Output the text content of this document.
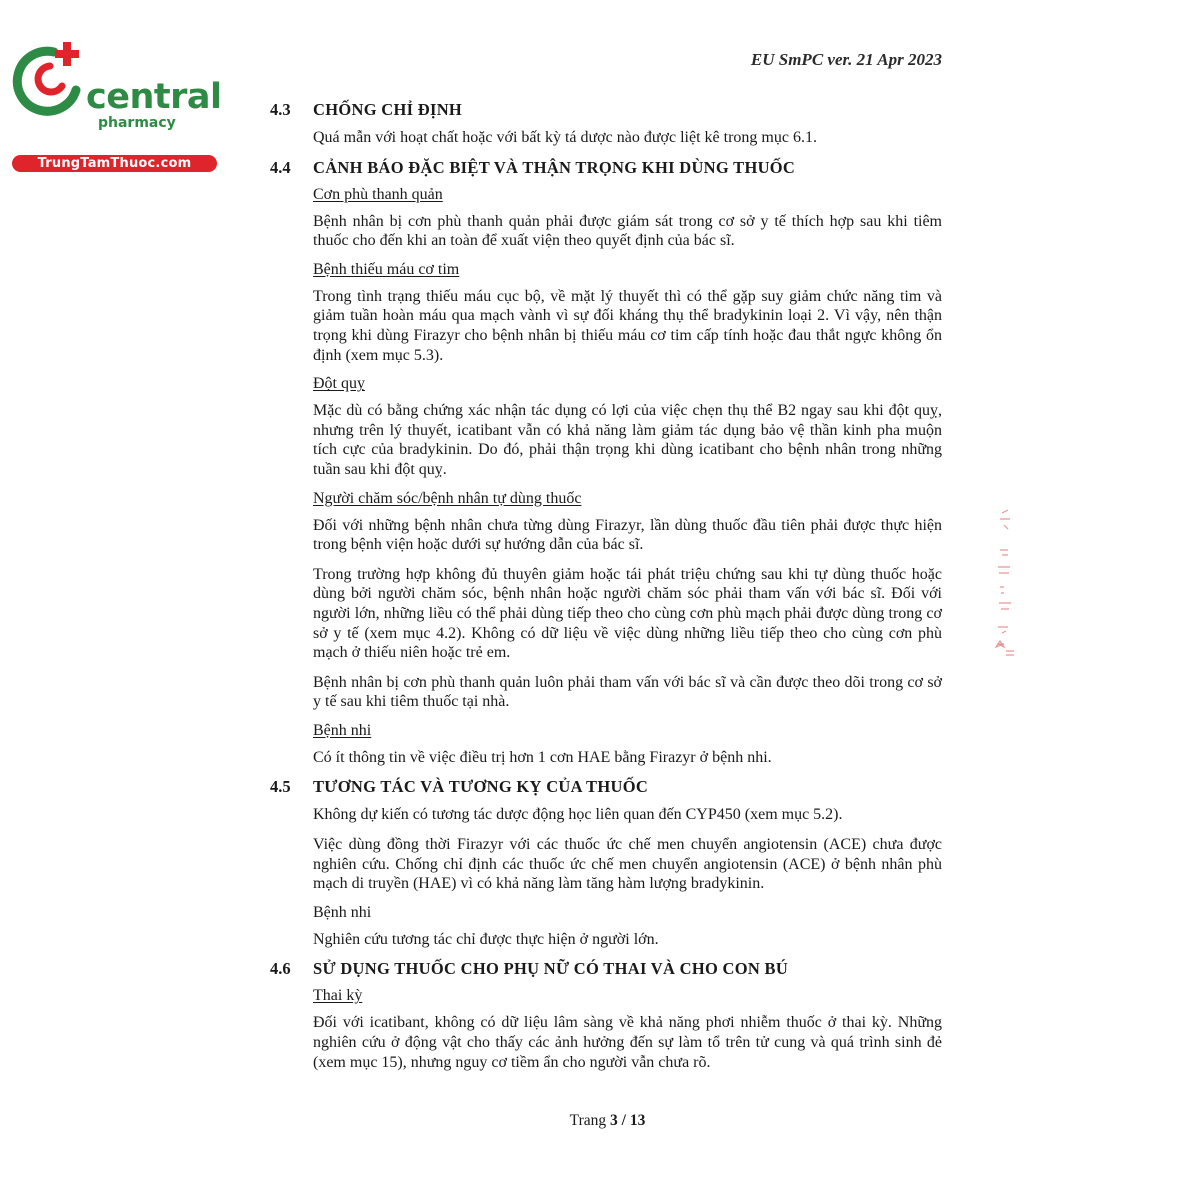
central
pharmacy
TrungTamThuoc.com
EU SmPC ver. 21 Apr 2023
4.3	CHỐNG CHỈ ĐỊNH

Quá mẫn với hoạt chất hoặc với bất kỳ tá dược nào được liệt kê trong mục 6.1.

4.4	CẢNH BÁO ĐẶC BIỆT VÀ THẬN TRỌNG KHI DÙNG THUỐC
Cơn phù thanh quản

Bệnh nhân bị cơn phù thanh quản phải được giám sát trong cơ sở y tế thích hợp sau khi tiêm thuốc cho đến khi an toàn để xuất viện theo quyết định của bác sĩ.

Bệnh thiếu máu cơ tim

Trong tình trạng thiếu máu cục bộ, về mặt lý thuyết thì có thể gặp suy giảm chức năng tim và giảm tuần hoàn máu qua mạch vành vì sự đối kháng thụ thể bradykinin loại 2. Vì vậy, nên thận trọng khi dùng Firazyr cho bệnh nhân bị thiếu máu cơ tim cấp tính hoặc đau thắt ngực không ổn định (xem mục 5.3).

Đột quỵ

Mặc dù có bằng chứng xác nhận tác dụng có lợi của việc chẹn thụ thể B2 ngay sau khi đột quỵ, nhưng trên lý thuyết, icatibant vẫn có khả năng làm giảm tác dụng bảo vệ thần kinh pha muộn tích cực của bradykinin. Do đó, phải thận trọng khi dùng icatibant cho bệnh nhân trong những tuần sau khi đột quỵ.

Người chăm sóc/bệnh nhân tự dùng thuốc

Đối với những bệnh nhân chưa từng dùng Firazyr, lần dùng thuốc đầu tiên phải được thực hiện trong bệnh viện hoặc dưới sự hướng dẫn của bác sĩ.

Trong trường hợp không đủ thuyên giảm hoặc tái phát triệu chứng sau khi tự dùng thuốc hoặc dùng bởi người chăm sóc, bệnh nhân hoặc người chăm sóc phải tham vấn với bác sĩ. Đối với người lớn, những liều có thể phải dùng tiếp theo cho cùng cơn phù mạch phải được dùng trong cơ sở y tế (xem mục 4.2). Không có dữ liệu về việc dùng những liều tiếp theo cho cùng cơn phù mạch ở thiếu niên hoặc trẻ em.

Bệnh nhân bị cơn phù thanh quản luôn phải tham vấn với bác sĩ và cần được theo dõi trong cơ sở y tế sau khi tiêm thuốc tại nhà.

Bệnh nhi

Có ít thông tin về việc điều trị hơn 1 cơn HAE bằng Firazyr ở bệnh nhi.

4.5	TƯƠNG TÁC VÀ TƯƠNG KỴ CỦA THUỐC

Không dự kiến có tương tác dược động học liên quan đến CYP450 (xem mục 5.2).

Việc dùng đồng thời Firazyr với các thuốc ức chế men chuyển angiotensin (ACE) chưa được nghiên cứu. Chống chỉ định các thuốc ức chế men chuyển angiotensin (ACE) ở bệnh nhân phù mạch di truyền (HAE) vì có khả năng làm tăng hàm lượng bradykinin.

Bệnh nhi

Nghiên cứu tương tác chỉ được thực hiện ở người lớn.

4.6	SỬ DỤNG THUỐC CHO PHỤ NỮ CÓ THAI VÀ CHO CON BÚ
Thai kỳ

Đối với icatibant, không có dữ liệu lâm sàng về khả năng phơi nhiễm thuốc ở thai kỳ. Những nghiên cứu ở động vật cho thấy các ảnh hưởng đến sự làm tổ trên tử cung và quá trình sinh đẻ (xem mục 15), nhưng nguy cơ tiềm ẩn cho người vẫn chưa rõ.

Trang 3 / 13
